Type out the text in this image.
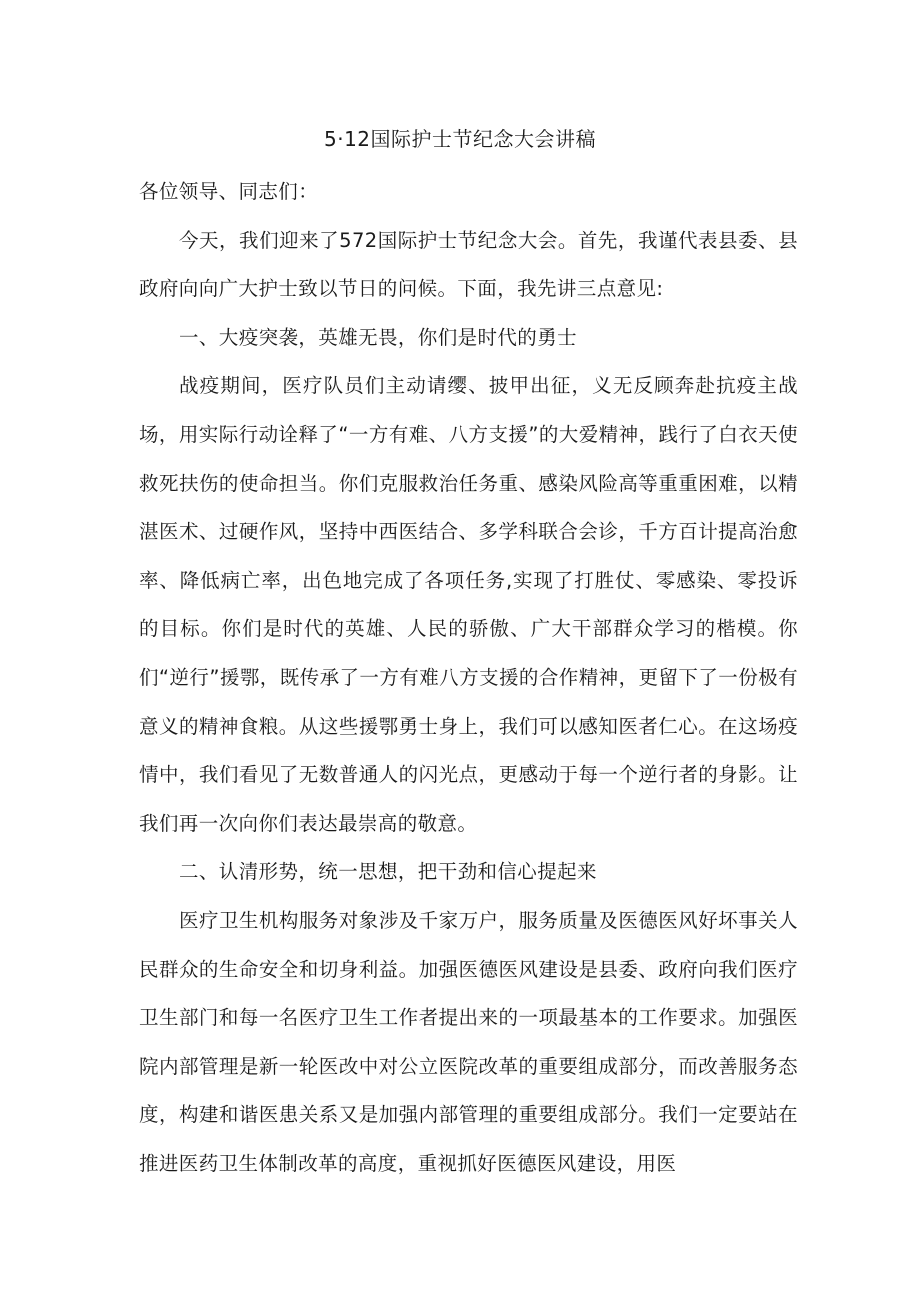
5·12国际护士节纪念大会讲稿

各位领导、同志们：

今天，我们迎来了572国际护士节纪念大会。首先，我谨代表县委、县政府向向广大护士致以节日的问候。下面，我先讲三点意见:

一、大疫突袭，英雄无畏，你们是时代的勇士

战疫期间，医疗队员们主动请缨、披甲出征，义无反顾奔赴抗疫主战场，用实际行动诠释了“一方有难、八方支援”的大爱精神，践行了白衣天使救死扶伤的使命担当。你们克服救治任务重、感染风险高等重重困难，以精湛医术、过硬作风，坚持中西医结合、多学科联合会诊，千方百计提高治愈率、降低病亡率，出色地完成了各项任务,实现了打胜仗、零感染、零投诉的目标。你们是时代的英雄、人民的骄傲、广大干部群众学习的楷模。你们“逆行”援鄂，既传承了一方有难八方支援的合作精神，更留下了一份极有意义的精神食粮。从这些援鄂勇士身上，我们可以感知医者仁心。在这场疫情中，我们看见了无数普通人的闪光点，更感动于每一个逆行者的身影。让我们再一次向你们表达最崇高的敬意。

二、认清形势，统一思想，把干劲和信心提起来

医疗卫生机构服务对象涉及千家万户，服务质量及医德医风好坏事关人民群众的生命安全和切身利益。加强医德医风建设是县委、政府向我们医疗卫生部门和每一名医疗卫生工作者提出来的一项最基本的工作要求。加强医院内部管理是新一轮医改中对公立医院改革的重要组成部分，而改善服务态度，构建和谐医患关系又是加强内部管理的重要组成部分。我们一定要站在推进医药卫生体制改革的高度，重视抓好医德医风建设，用医
